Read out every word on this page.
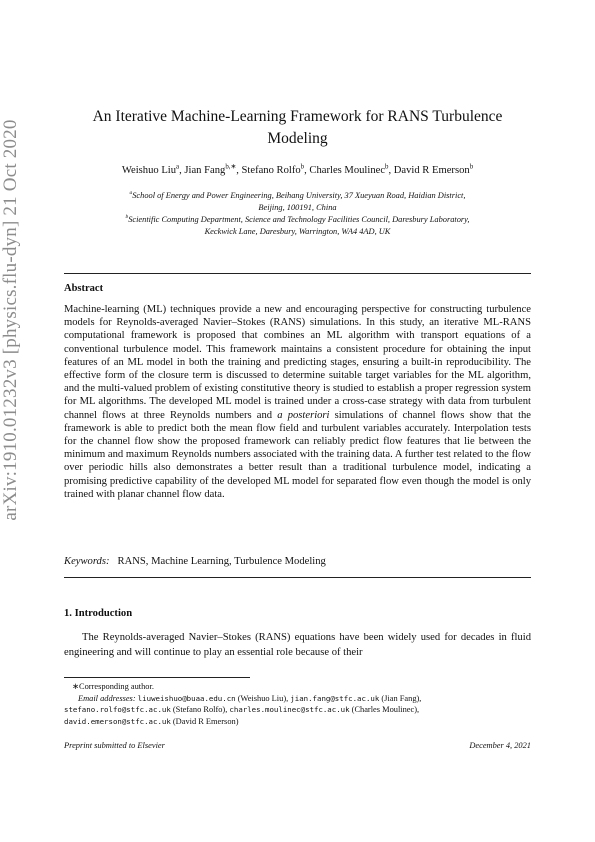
arXiv:1910.01232v3 [physics.flu-dyn] 21 Oct 2020
An Iterative Machine-Learning Framework for RANS Turbulence
Modeling
Weishuo Liu$^a$, Jian Fang$^{b,∗}$, Stefano Rolfo$^b$, Charles Moulinec$^b$, David R Emerson$^b$
$^a$School of Energy and Power Engineering, Beihang University, 37 Xueyuan Road, Haidian District,
Beijing, 100191, China
$^b$Scientific Computing Department, Science and Technology Facilities Council, Daresbury Laboratory,
Keckwick Lane, Daresbury, Warrington, WA4 4AD, UK
Abstract
Machine-learning (ML) techniques provide a new and encouraging perspective for constructing turbulence models for Reynolds-averaged Navier–Stokes (RANS) simulations. In this study, an iterative ML-RANS computational framework is proposed that combines an ML algorithm with transport equations of a conventional turbulence model. This framework maintains a consistent procedure for obtaining the input features of an ML model in both the training and predicting stages, ensuring a built-in reproducibility. The effective form of the closure term is discussed to determine suitable target variables for the ML algorithm, and the multi-valued problem of existing constitutive theory is studied to establish a proper regression system for ML algorithms. The developed ML model is trained under a cross-case strategy with data from turbulent channel flows at three Reynolds numbers and a posteriori simulations of channel flows show that the framework is able to predict both the mean flow field and turbulent variables accurately. Interpolation tests for the channel flow show the proposed framework can reliably predict flow features that lie between the minimum and maximum Reynolds numbers associated with the training data. A further test related to the flow over periodic hills also demonstrates a better result than a traditional turbulence model, indicating a promising predictive capability of the developed ML model for separated flow even though the model is only trained with planar channel flow data.
Keywords: RANS, Machine Learning, Turbulence Modeling
1. Introduction
The Reynolds-averaged Navier–Stokes (RANS) equations have been widely used for decades in fluid engineering and will continue to play an essential role because of their
∗Corresponding author.
Email addresses: liuweishuo@buaa.edu.cn (Weishuo Liu), jian.fang@stfc.ac.uk (Jian Fang),
stefano.rolfo@stfc.ac.uk (Stefano Rolfo), charles.moulinec@stfc.ac.uk (Charles Moulinec),
david.emerson@stfc.ac.uk (David R Emerson)
Preprint submitted to Elsevier	December 4, 2021
